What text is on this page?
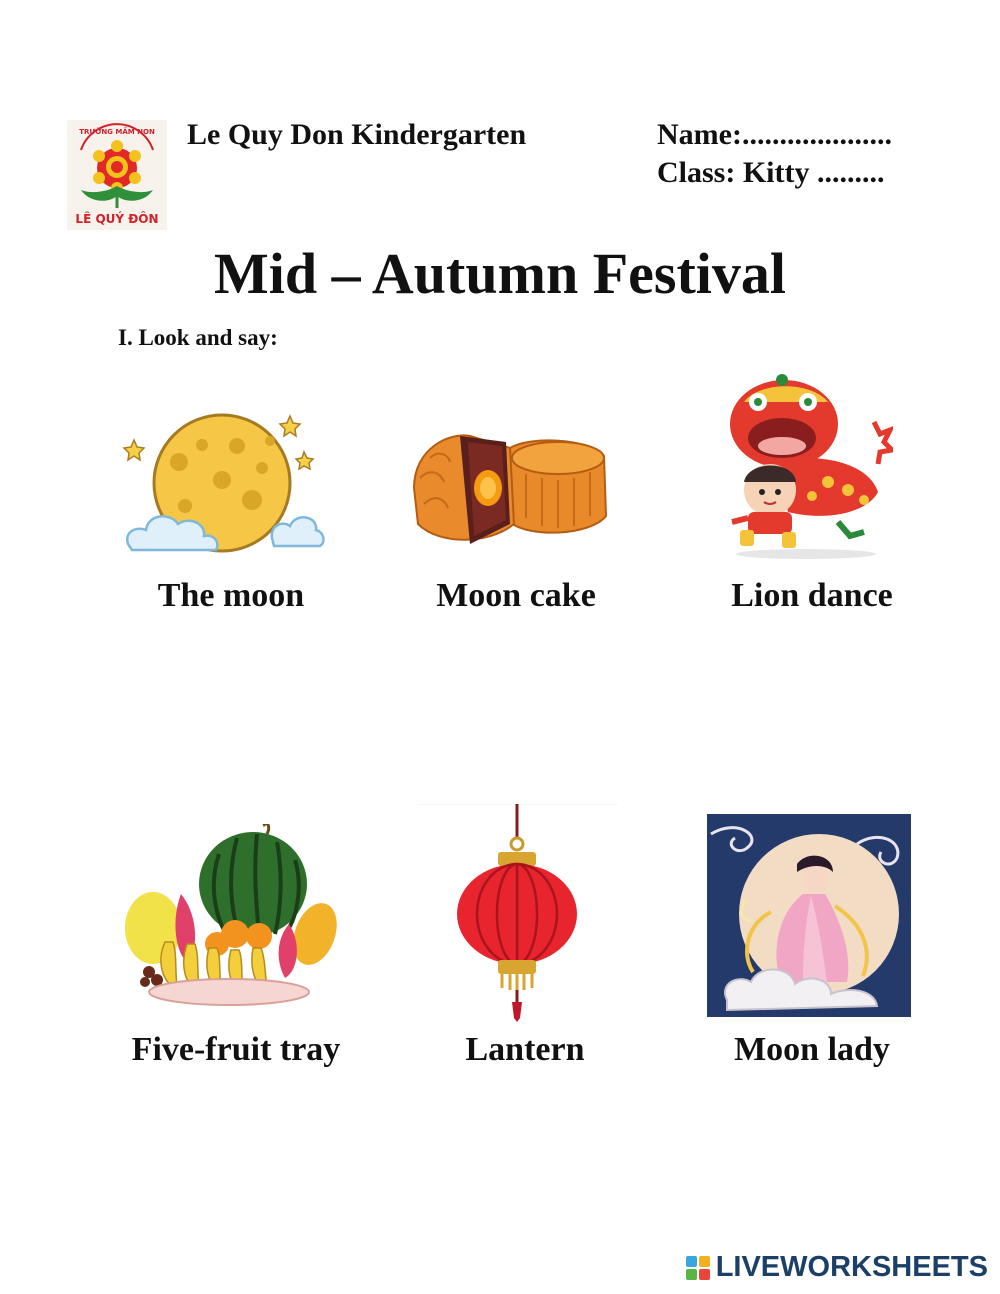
TRƯỜNG MẦM NON
LÊ QUÝ ĐÔN
Le Quy Don Kindergarten	Name:....................
Class: Kitty .........
Mid – Autumn Festival
I. Look and say:
The moon	Moon cake	Lion dance
Five-fruit tray	Lantern	Moon lady
LIVEWORKSHEETS
